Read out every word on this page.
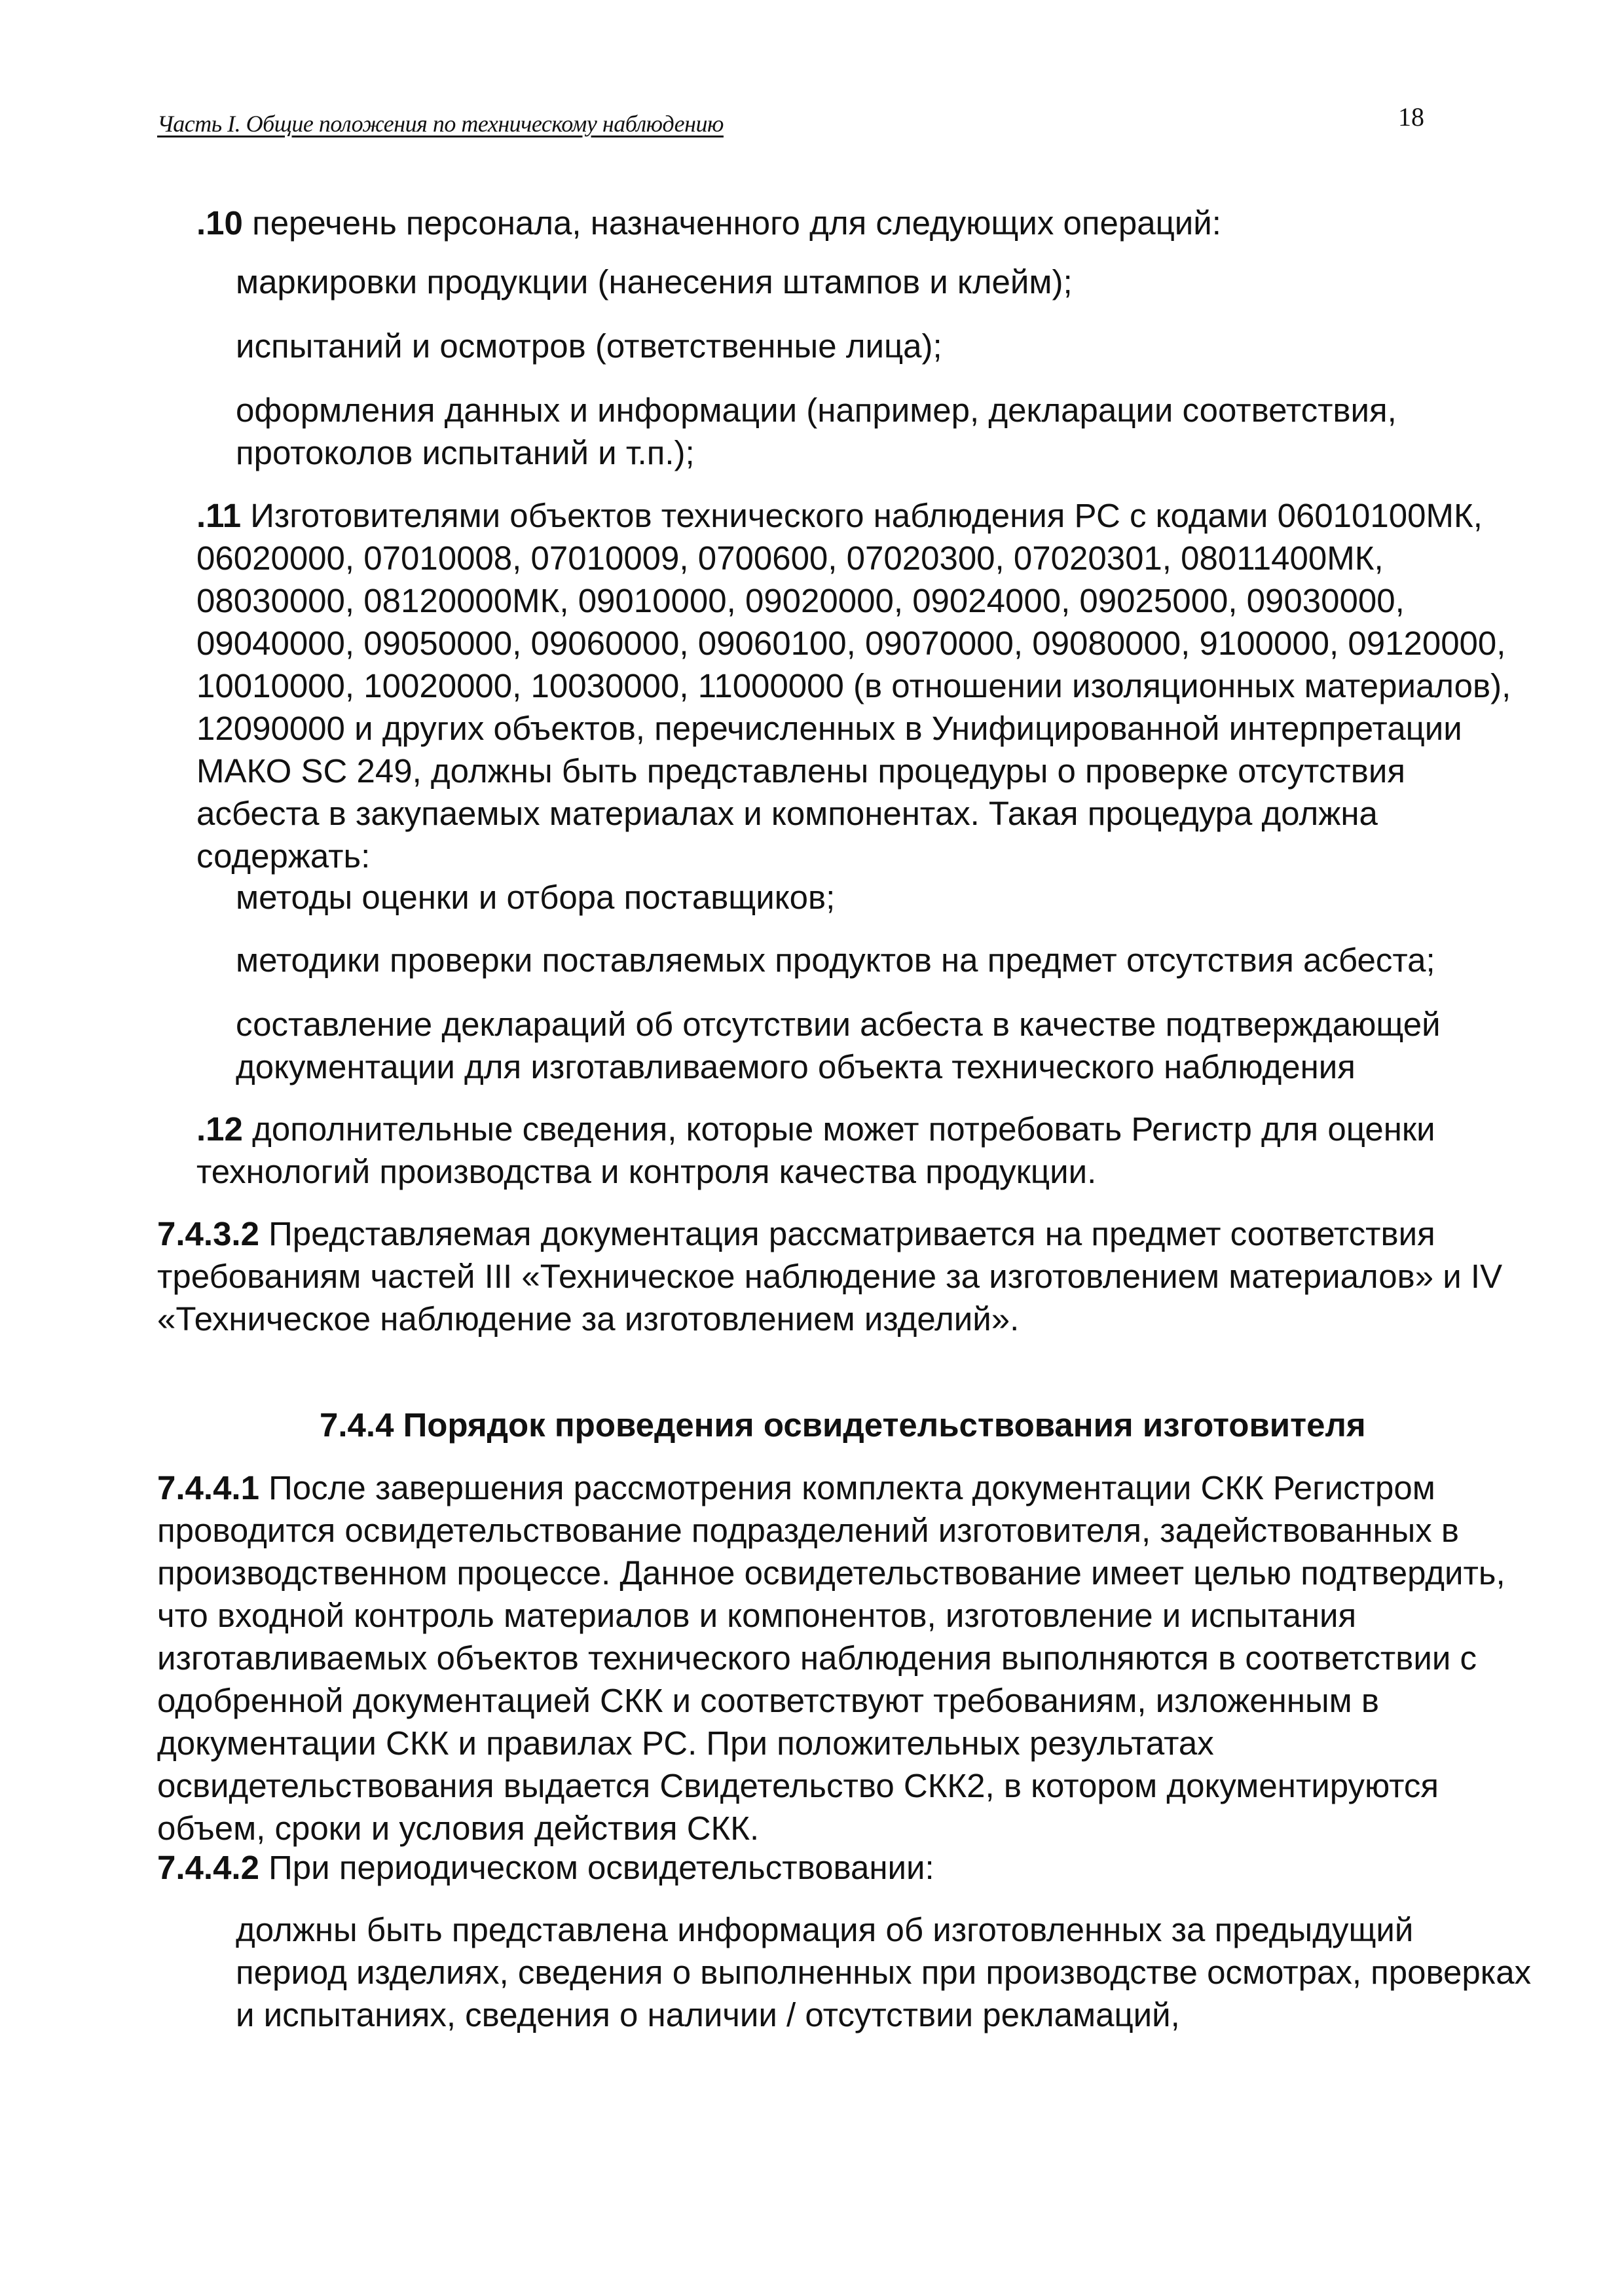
Часть I. Общие положения по техническому наблюдению	18

.10 перечень персонала, назначенного для следующих операций:

маркировки продукции (нанесения штампов и клейм);

испытаний и осмотров (ответственные лица);

оформления данных и информации (например, декларации соответствия,
протоколов испытаний и т.п.);

.11 Изготовителями объектов технического наблюдения РС с кодами 06010100МК,
06020000, 07010008, 07010009, 0700600, 07020300, 07020301, 08011400МК,
08030000, 08120000МК, 09010000, 09020000, 09024000, 09025000, 09030000,
09040000, 09050000, 09060000, 09060100, 09070000, 09080000, 9100000, 09120000,
10010000, 10020000, 10030000, 11000000 (в отношении изоляционных материалов),
12090000 и других объектов, перечисленных в Унифицированной интерпретации
МАКО SC 249, должны быть представлены процедуры о проверке отсутствия
асбеста в закупаемых материалах и компонентах. Такая процедура должна
содержать:

методы оценки и отбора поставщиков;

методики проверки поставляемых продуктов на предмет отсутствия асбеста;

составление деклараций об отсутствии асбеста в качестве подтверждающей
документации для изготавливаемого объекта технического наблюдения

.12 дополнительные сведения, которые может потребовать Регистр для оценки
технологий производства и контроля качества продукции.

7.4.3.2 Представляемая документация рассматривается на предмет соответствия
требованиям частей III «Техническое наблюдение за изготовлением материалов» и IV
«Техническое наблюдение за изготовлением изделий».

7.4.4 Порядок проведения освидетельствования изготовителя

7.4.4.1 После завершения рассмотрения комплекта документации СКК Регистром
проводится освидетельствование подразделений изготовителя, задействованных в
производственном процессе. Данное освидетельствование имеет целью подтвердить,
что входной контроль материалов и компонентов, изготовление и испытания
изготавливаемых объектов технического наблюдения выполняются в соответствии с
одобренной документацией СКК и соответствуют требованиям, изложенным в
документации СКК и правилах РС. При положительных результатах
освидетельствования выдается Свидетельство СКК2, в котором документируются
объем, сроки и условия действия СКК.

7.4.4.2 При периодическом освидетельствовании:

должны быть представлена информация об изготовленных за предыдущий
период изделиях, сведения о выполненных при производстве осмотрах, проверках
и испытаниях, сведения о наличии / отсутствии рекламаций,
